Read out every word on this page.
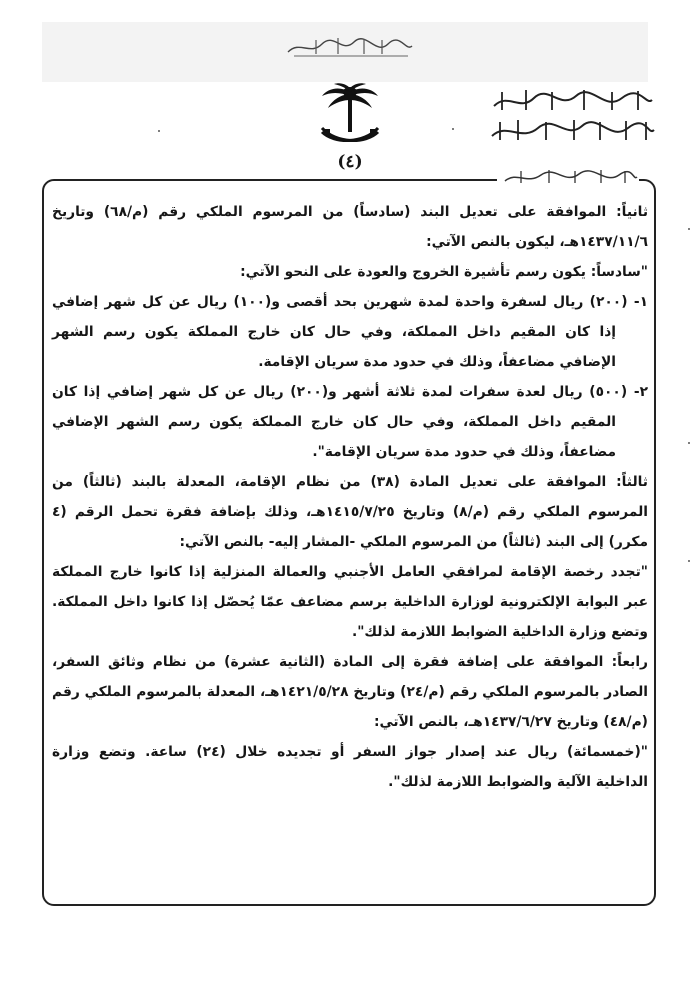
(٤)

ثانياً: الموافقة على تعديل البند (سادساً) من المرسوم الملكي رقم (م/٦٨) وتاريخ ١٤٣٧/١١/٦هـ، ليكون بالنص الآتي:

"سادساً: يكون رسم تأشيرة الخروج والعودة على النحو الآتي:

١- (٢٠٠) ريال لسفرة واحدة لمدة شهرين بحد أقصى و(١٠٠) ريال عن كل شهر إضافي إذا كان المقيم داخل المملكة، وفي حال كان خارج المملكة يكون رسم الشهر الإضافي مضاعفاً، وذلك في حدود مدة سريان الإقامة.

٢- (٥٠٠) ريال لعدة سفرات لمدة ثلاثة أشهر و(٢٠٠) ريال عن كل شهر إضافي إذا كان المقيم داخل المملكة، وفي حال كان خارج المملكة يكون رسم الشهر الإضافي مضاعفاً، وذلك في حدود مدة سريان الإقامة".

ثالثاً: الموافقة على تعديل المادة (٣٨) من نظام الإقامة، المعدلة بالبند (ثالثاً) من المرسوم الملكي رقم (م/٨) وتاريخ ١٤١٥/٧/٢٥هـ، وذلك بإضافة فقرة تحمل الرقم (٤ مكرر) إلى البند (ثالثاً) من المرسوم الملكي -المشار إليه- بالنص الآتي:

"تجدد رخصة الإقامة لمرافقي العامل الأجنبي والعمالة المنزلية إذا كانوا خارج المملكة عبر البوابة الإلكترونية لوزارة الداخلية برسم مضاعف عمّا يُحصّل إذا كانوا داخل المملكة. وتضع وزارة الداخلية الضوابط اللازمة لذلك".

رابعاً: الموافقة على إضافة فقرة إلى المادة (الثانية عشرة) من نظام وثائق السفر، الصادر بالمرسوم الملكي رقم (م/٢٤) وتاريخ ١٤٢١/٥/٢٨هـ، المعدلة بالمرسوم الملكي رقم (م/٤٨) وتاريخ ١٤٣٧/٦/٢٧هـ، بالنص الآتي:

"(خمسمائة) ريال عند إصدار جواز السفر أو تجديده خلال (٢٤) ساعة. وتضع وزارة الداخلية الآلية والضوابط اللازمة لذلك".
